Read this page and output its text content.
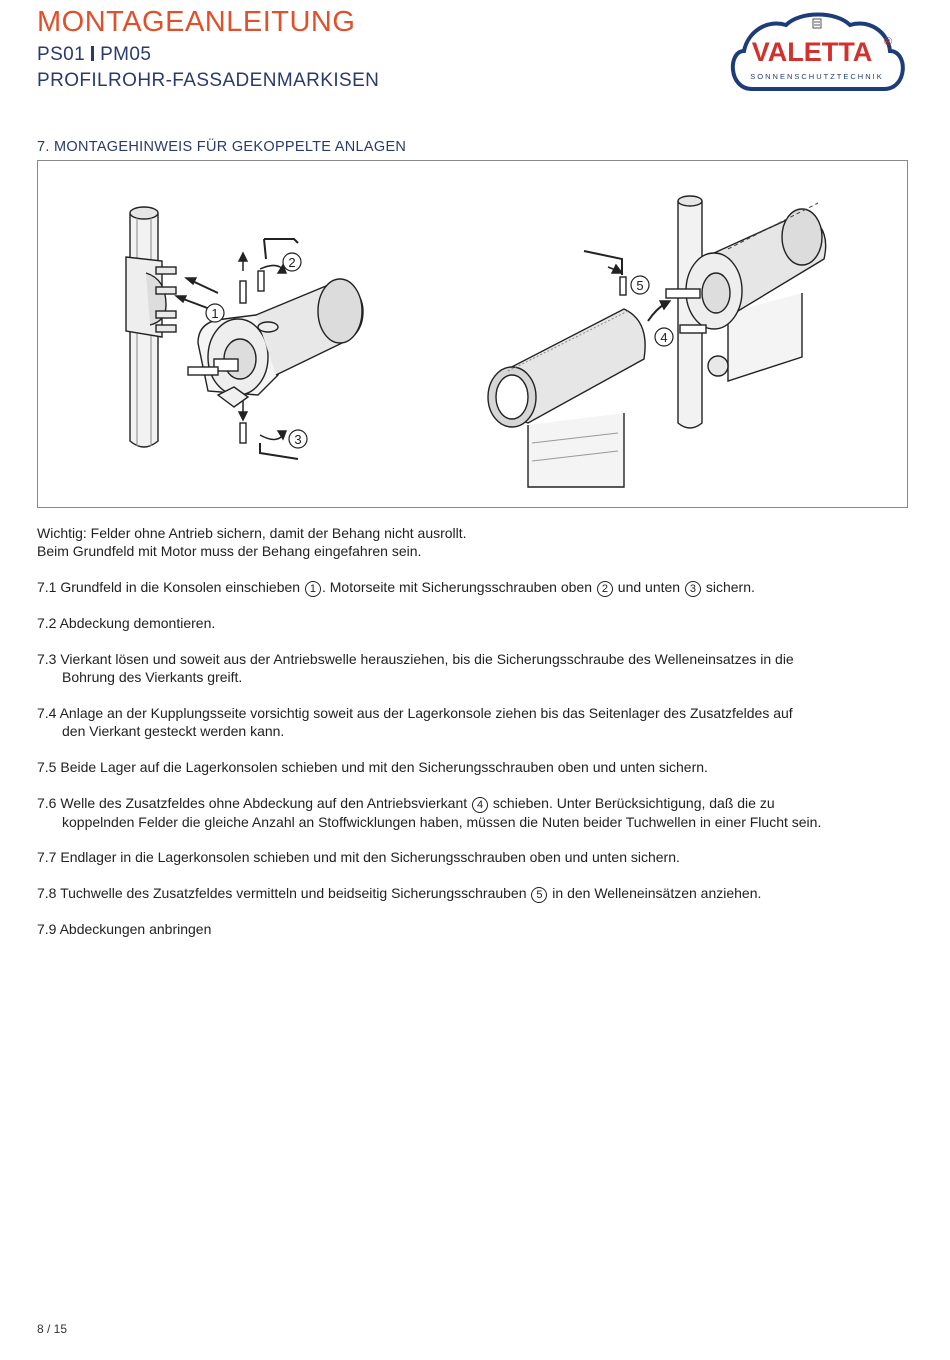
MONTAGEANLEITUNG

PS01 PM05

PROFILROHR-FASSADENMARKISEN

VALETTA ®
SONNENSCHUTZTECHNIK
7. MONTAGEHINWEIS FÜR GEKOPPELTE ANLAGEN
1
2
3
4
5
Wichtig: Felder ohne Antrieb sichern, damit der Behang nicht ausrollt.
Beim Grundfeld mit Motor muss der Behang eingefahren sein.
7.1 Grundfeld in die Konsolen einschieben 1 . Motorseite mit Sicherungsschrauben oben 2 und unten 3 sichern.
7.2 Abdeckung demontieren.
7.3 Vierkant lösen und soweit aus der Antriebswelle herausziehen, bis die Sicherungsschraube des Welleneinsatzes in die
Bohrung des Vierkants greift.
7.4 Anlage an der Kupplungsseite vorsichtig soweit aus der Lagerkonsole ziehen bis das Seitenlager des Zusatzfeldes auf
den Vierkant gesteckt werden kann.
7.5 Beide Lager auf die Lagerkonsolen schieben und mit den Sicherungsschrauben oben und unten sichern.
7.6 Welle des Zusatzfeldes ohne Abdeckung auf den Antriebsvierkant 4 schieben. Unter Berücksichtigung, daß die zu
koppelnden Felder die gleiche Anzahl an Stoffwicklungen haben, müssen die Nuten beider Tuchwellen in einer Flucht sein.
7.7 Endlager in die Lagerkonsolen schieben und mit den Sicherungsschrauben oben und unten sichern.
7.8 Tuchwelle des Zusatzfeldes vermitteln und beidseitig Sicherungsschrauben 5 in den Welleneinsätzen anziehen.
7.9 Abdeckungen anbringen

8 / 15
